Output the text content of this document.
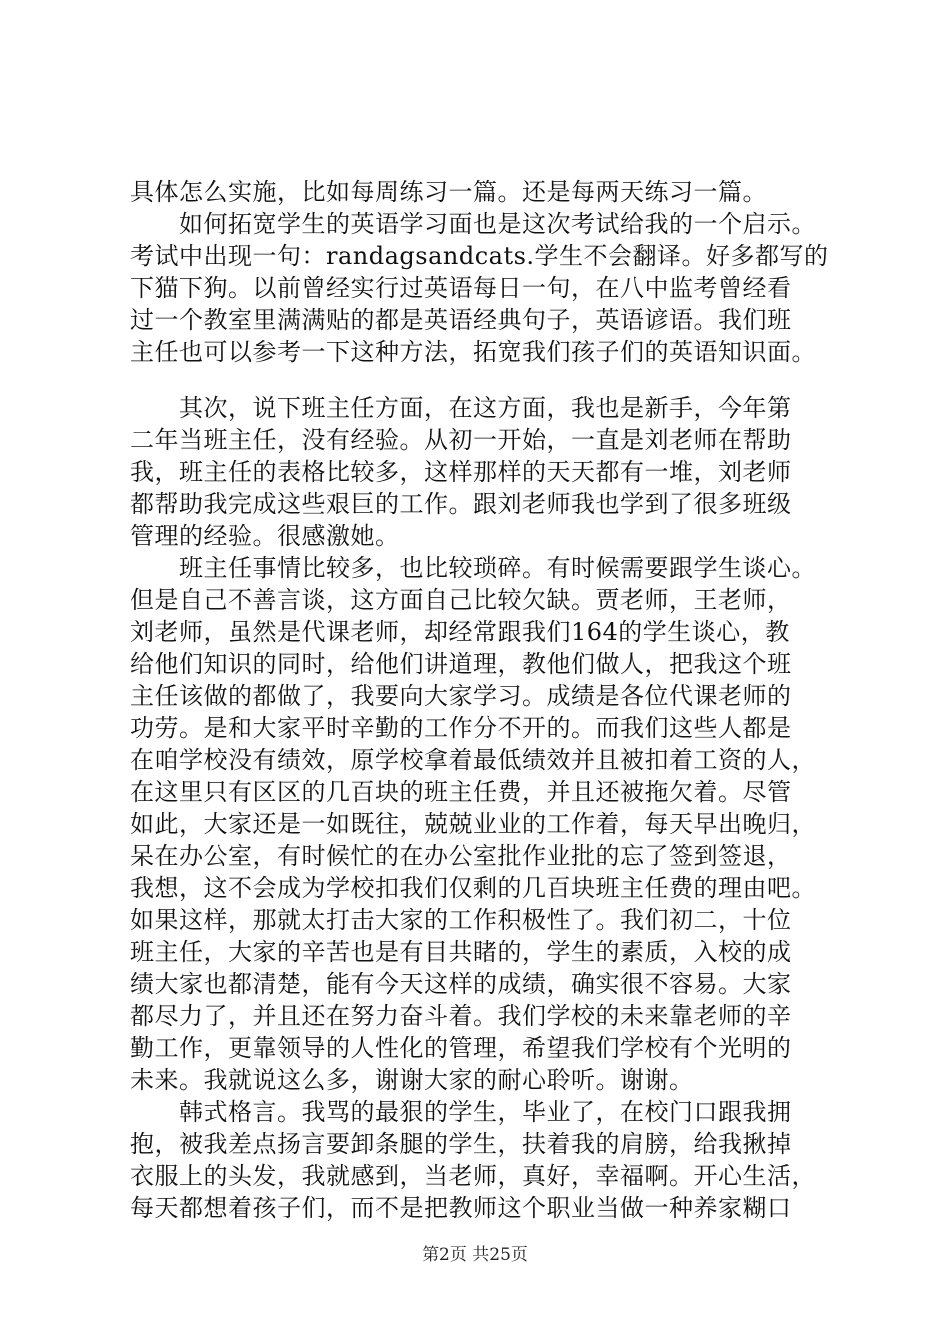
具体怎么实施，比如每周练习一篇。还是每两天练习一篇。
　　如何拓宽学生的英语学习面也是这次考试给我的一个启示。
考试中出现一句：randagsandcats.学生不会翻译。好多都写的
下猫下狗。以前曾经实行过英语每日一句，在八中监考曾经看
过一个教室里满满贴的都是英语经典句子，英语谚语。我们班
主任也可以参考一下这种方法，拓宽我们孩子们的英语知识面。
　　其次，说下班主任方面，在这方面，我也是新手，今年第
二年当班主任，没有经验。从初一开始，一直是刘老师在帮助
我，班主任的表格比较多，这样那样的天天都有一堆，刘老师
都帮助我完成这些艰巨的工作。跟刘老师我也学到了很多班级
管理的经验。很感激她。
　　班主任事情比较多，也比较琐碎。有时候需要跟学生谈心。
但是自己不善言谈，这方面自己比较欠缺。贾老师，王老师，
刘老师，虽然是代课老师，却经常跟我们164的学生谈心，教
给他们知识的同时，给他们讲道理，教他们做人，把我这个班
主任该做的都做了，我要向大家学习。成绩是各位代课老师的
功劳。是和大家平时辛勤的工作分不开的。而我们这些人都是
在咱学校没有绩效，原学校拿着最低绩效并且被扣着工资的人，
在这里只有区区的几百块的班主任费，并且还被拖欠着。尽管
如此，大家还是一如既往，兢兢业业的工作着，每天早出晚归，
呆在办公室，有时候忙的在办公室批作业批的忘了签到签退，
我想，这不会成为学校扣我们仅剩的几百块班主任费的理由吧。
如果这样，那就太打击大家的工作积极性了。我们初二，十位
班主任，大家的辛苦也是有目共睹的，学生的素质，入校的成
绩大家也都清楚，能有今天这样的成绩，确实很不容易。大家
都尽力了，并且还在努力奋斗着。我们学校的未来靠老师的辛
勤工作，更靠领导的人性化的管理，希望我们学校有个光明的
未来。我就说这么多，谢谢大家的耐心聆听。谢谢。
　　韩式格言。我骂的最狠的学生，毕业了，在校门口跟我拥
抱，被我差点扬言要卸条腿的学生，扶着我的肩膀，给我揪掉
衣服上的头发，我就感到，当老师，真好，幸福啊。开心生活，
每天都想着孩子们，而不是把教师这个职业当做一种养家糊口
第2页 共25页
